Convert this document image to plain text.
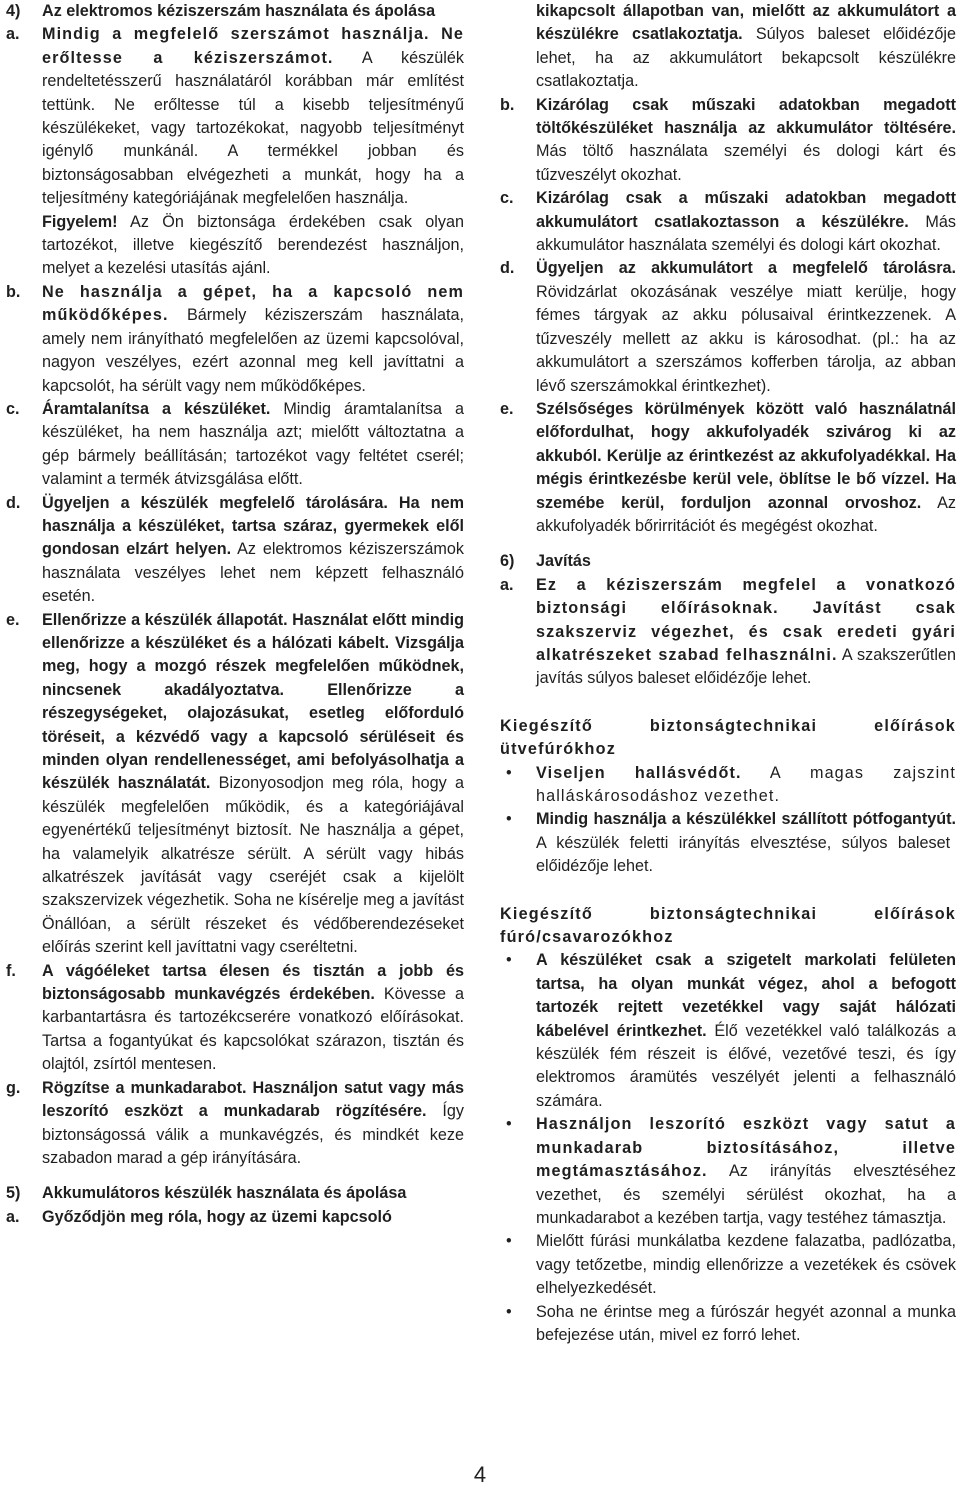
4)	Az elektromos kéziszerszám használata és ápolása
a.	Mindig a megfelelő szerszámot használja. Ne erőltesse a kéziszerszámot. A készülék rendeltetésszerű használatáról korábban már említést tettünk. Ne erőltesse túl a kisebb teljesítményű készülékeket, vagy tartozékokat, nagyobb teljesítményt igénylő munkánál. A termékkel jobban és biztonságosabban elvégezheti a munkát, hogy ha a teljesítmény kategóriájának megfelelően használja.
Figyelem! Az Ön biztonsága érdekében csak olyan tartozékot, illetve kiegészítő berendezést használjon, melyet a kezelési utasítás ajánl.
b.	Ne használja a gépet, ha a kapcsoló nem működőképes. Bármely kéziszerszám használata, amely nem irányítható megfelelően az üzemi kapcsolóval, nagyon veszélyes, ezért azonnal meg kell javíttatni a kapcsolót, ha sérült vagy nem működőképes.
c.	Áramtalanítsa a készüléket. Mindig áramtalanítsa a készüléket, ha nem használja azt; mielőtt változtatna a gép bármely beállításán; tartozékot vagy feltétet cserél; valamint a termék átvizsgálása előtt.
d.	Ügyeljen a készülék megfelelő tárolására. Ha nem használja a készüléket, tartsa száraz, gyermekek elől gondosan elzárt helyen. Az elektromos kéziszerszámok használata veszélyes lehet nem képzett felhasználó esetén.
e.	Ellenőrizze a készülék állapotát. Használat előtt mindig ellenőrizze a készüléket és a hálózati kábelt. Vizsgálja meg, hogy a mozgó részek megfelelően működnek, nincsenek akadályoztatva. Ellenőrizze a részegységeket, olajozásukat, esetleg előforduló töréseit, a kézvédő vagy a kapcsoló sérüléseit és minden olyan rendellenességet, ami befolyásolhatja a készülék használatát. Bizonyosodjon meg róla, hogy a készülék megfelelően működik, és a kategóriájával egyenértékű teljesítményt biztosít. Ne használja a gépet, ha valamelyik alkatrésze sérült. A sérült vagy hibás alkatrészek javítását vagy cseréjét csak a kijelölt szakszervizek végezhetik. Soha ne kísérelje meg a javítást Önállóan, a sérült részeket és védőberendezéseket előírás szerint kell javíttatni vagy cseréltetni.
f.	A vágóéleket tartsa élesen és tisztán a jobb és biztonságosabb munkavégzés érdekében. Kövesse a karbantartásra és tartozékcserére vonatkozó előírásokat. Tartsa a fogantyúkat és kapcsolókat szárazon, tisztán és olajtól, zsírtól mentesen.
g.	Rögzítse a munkadarabot. Használjon satut vagy más leszorító eszközt a munkadarab rögzítésére. Így biztonságossá válik a munkavégzés, és mindkét keze szabadon marad a gép irányítására.
5)	Akkumulátoros készülék használata és ápolása
a.	Győződjön meg róla, hogy az üzemi kapcsoló
kikapcsolt állapotban van, mielőtt az akkumulátort a készülékre csatlakoztatja. Súlyos baleset előidézője lehet, ha az akkumulátort bekapcsolt készülékre csatlakoztatja.
b.	Kizárólag csak műszaki adatokban megadott töltőkészüléket használja az akkumulátor töltésére. Más töltő használata személyi és dologi kárt és tűzveszélyt okozhat.
c.	Kizárólag csak a műszaki adatokban megadott akkumulátort csatlakoztasson a készülékre. Más akkumulátor használata személyi és dologi kárt okozhat.
d.	Ügyeljen az akkumulátort a megfelelő tárolásra. Rövidzárlat okozásának veszélye miatt kerülje, hogy fémes tárgyak az akku pólusaival érintkezzenek. A tűzveszély mellett az akku is károsodhat. (pl.: ha az akkumulátort a szerszámos kofferben tárolja, az abban lévő szerszámokkal érintkezhet).
e.	Szélsőséges körülmények között való használatnál előfordulhat, hogy akkufolyadék szivárog ki az akkuból. Kerülje az érintkezést az akkufolyadékkal. Ha mégis érintkezésbe kerül vele, öblítse le bő vízzel. Ha szemébe kerül, forduljon azonnal orvoshoz. Az akkufolyadék bőrirritációt és megégést okozhat.
6)	Javítás
a.	Ez a kéziszerszám megfelel a vonatkozó biztonsági előírásoknak. Javítást csak szakszerviz végezhet, és csak eredeti gyári alkatrészeket szabad felhasználni. A szakszerűtlen javítás súlyos baleset előidézője lehet.
Kiegészítő biztonságtechnikai előírások ütvefúrókhoz
•	Viseljen hallásvédőt. A magas zajszint halláskárosodáshoz vezethet.
•	Mindig használja a készülékkel szállított pótfogantyút. A készülék feletti irányítás elvesztése, súlyos baleset előidézője lehet.
Kiegészítő biztonságtechnikai előírások fúró/csavarozókhoz
•	A készüléket csak a szigetelt markolati felületen tartsa, ha olyan munkát végez, ahol a befogott tartozék rejtett vezetékkel vagy saját hálózati kábelével érintkezhet. Élő vezetékkel való találkozás a készülék fém részeit is élővé, vezetővé teszi, és így elektromos áramütés veszélyét jelenti a felhasználó számára.
•	Használjon leszorító eszközt vagy satut a munkadarab biztosításához, illetve megtámasztásához. Az irányítás elvesztéséhez vezethet, és személyi sérülést okozhat, ha a munkadarabot a kezében tartja, vagy testéhez támasztja.
•	Mielőtt fúrási munkálatba kezdene falazatba, padlózatba, vagy tetőzetbe, mindig ellenőrizze a vezetékek és csövek elhelyezkedését.
•	Soha ne érintse meg a fúrószár hegyét azonnal a munka befejezése után, mivel ez forró lehet.
4
